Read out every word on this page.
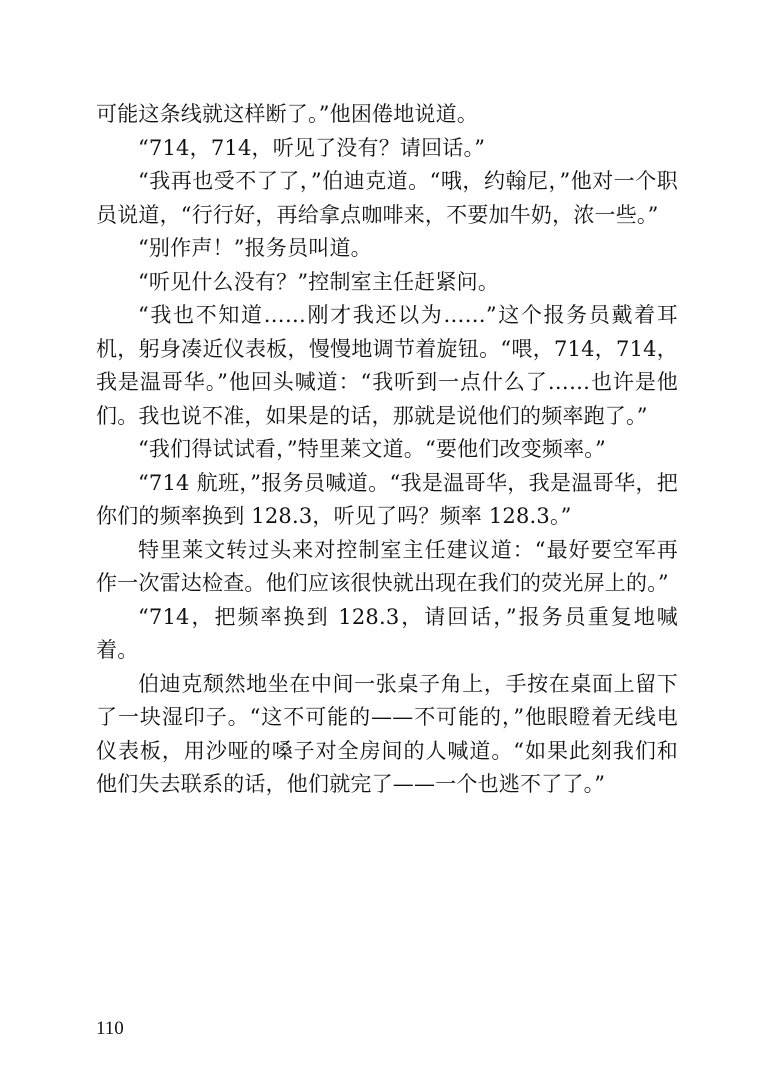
可能这条线就这样断了。”他困倦地说道。

“714，714，听见了没有？请回话。”

“我再也受不了了，”伯迪克道。“哦，约翰尼，”他对一个职员说道，“行行好，再给拿点咖啡来，不要加牛奶，浓一些。”

“别作声！”报务员叫道。

“听见什么没有？”控制室主任赶紧问。

“我也不知道……刚才我还以为……”这个报务员戴着耳机，躬身凑近仪表板，慢慢地调节着旋钮。“喂，714，714，我是温哥华。”他回头喊道：“我听到一点什么了……也许是他们。我也说不准，如果是的话，那就是说他们的频率跑了。”

“我们得试试看，”特里莱文道。“要他们改变频率。”

“714 航班，”报务员喊道。“我是温哥华，我是温哥华，把你们的频率换到 128.3，听见了吗？频率 128.3。”

特里莱文转过头来对控制室主任建议道：“最好要空军再作一次雷达检查。他们应该很快就出现在我们的荧光屏上的。”

“714，把频率换到 128.3，请回话，”报务员重复地喊着。

伯迪克颓然地坐在中间一张桌子角上，手按在桌面上留下了一块湿印子。“这不可能的——不可能的，”他眼瞪着无线电仪表板，用沙哑的嗓子对全房间的人喊道。“如果此刻我们和他们失去联系的话，他们就完了——一个也逃不了了。”

110
